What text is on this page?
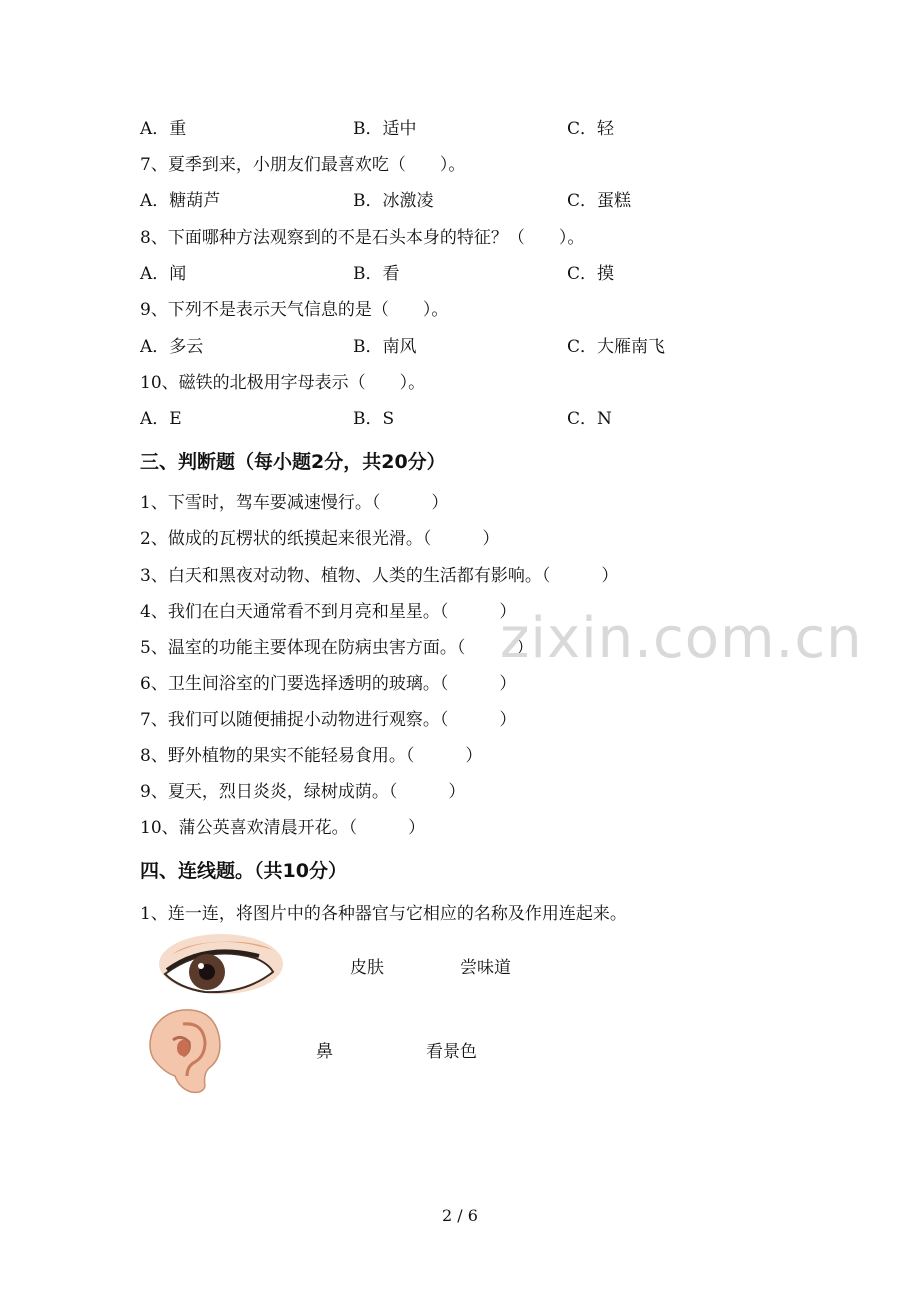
A．重	B．适中	C．轻
7、夏季到来，小朋友们最喜欢吃（　　）。
A．糖葫芦	B．冰激凌	C．蛋糕
8、下面哪种方法观察到的不是石头本身的特征？（　　）。
A．闻	B．看	C．摸
9、下列不是表示天气信息的是（　　）。
A．多云	B．南风	C．大雁南飞
10、磁铁的北极用字母表示（　　）。
A．E	B．S	C．N
三、判断题（每小题2分，共20分）
1、下雪时，驾车要减速慢行。（　　　）
2、做成的瓦楞状的纸摸起来很光滑。（　　　）
3、白天和黑夜对动物、植物、人类的生活都有影响。（　　　）
4、我们在白天通常看不到月亮和星星。（　　　）
5、温室的功能主要体现在防病虫害方面。（　　　）
6、卫生间浴室的门要选择透明的玻璃。（　　　）
7、我们可以随便捕捉小动物进行观察。（　　　）
8、野外植物的果实不能轻易食用。（　　　）
9、夏天，烈日炎炎，绿树成荫。（　　　）
10、蒲公英喜欢清晨开花。（　　　）
zixin.com.cn
四、连线题。（共10分）
1、连一连，将图片中的各种器官与它相应的名称及作用连起来。
皮肤	尝味道
鼻	看景色
2 / 6
